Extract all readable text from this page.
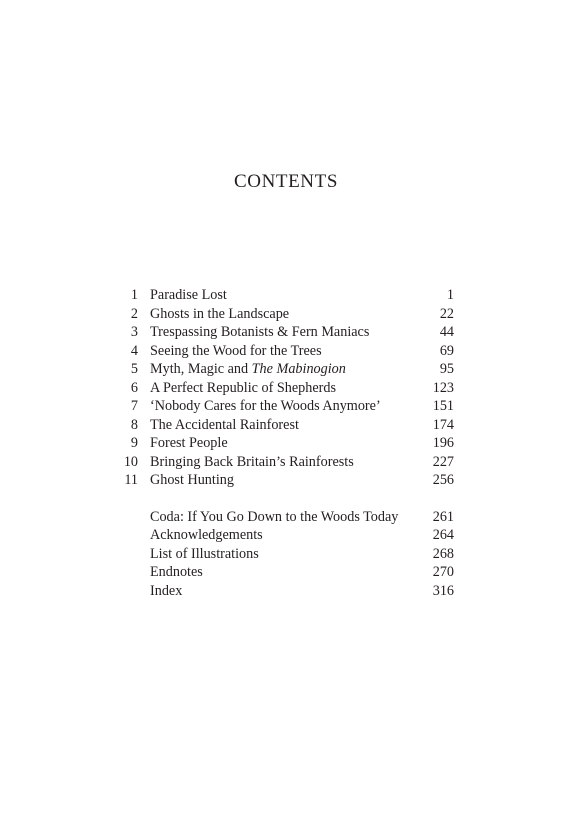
CONTENTS
1 Paradise Lost	1
2 Ghosts in the Landscape	22
3 Trespassing Botanists & Fern Maniacs	44
4 Seeing the Wood for the Trees	69
5 Myth, Magic and The Mabinogion	95
6 A Perfect Republic of Shepherds	123
7 ‘Nobody Cares for the Woods Anymore’	151
8 The Accidental Rainforest	174
9 Forest People	196
10 Bringing Back Britain’s Rainforests	227
11 Ghost Hunting	256
Coda: If You Go Down to the Woods Today 261
Acknowledgements	264
List of Illustrations	268
Endnotes	270
Index	316
